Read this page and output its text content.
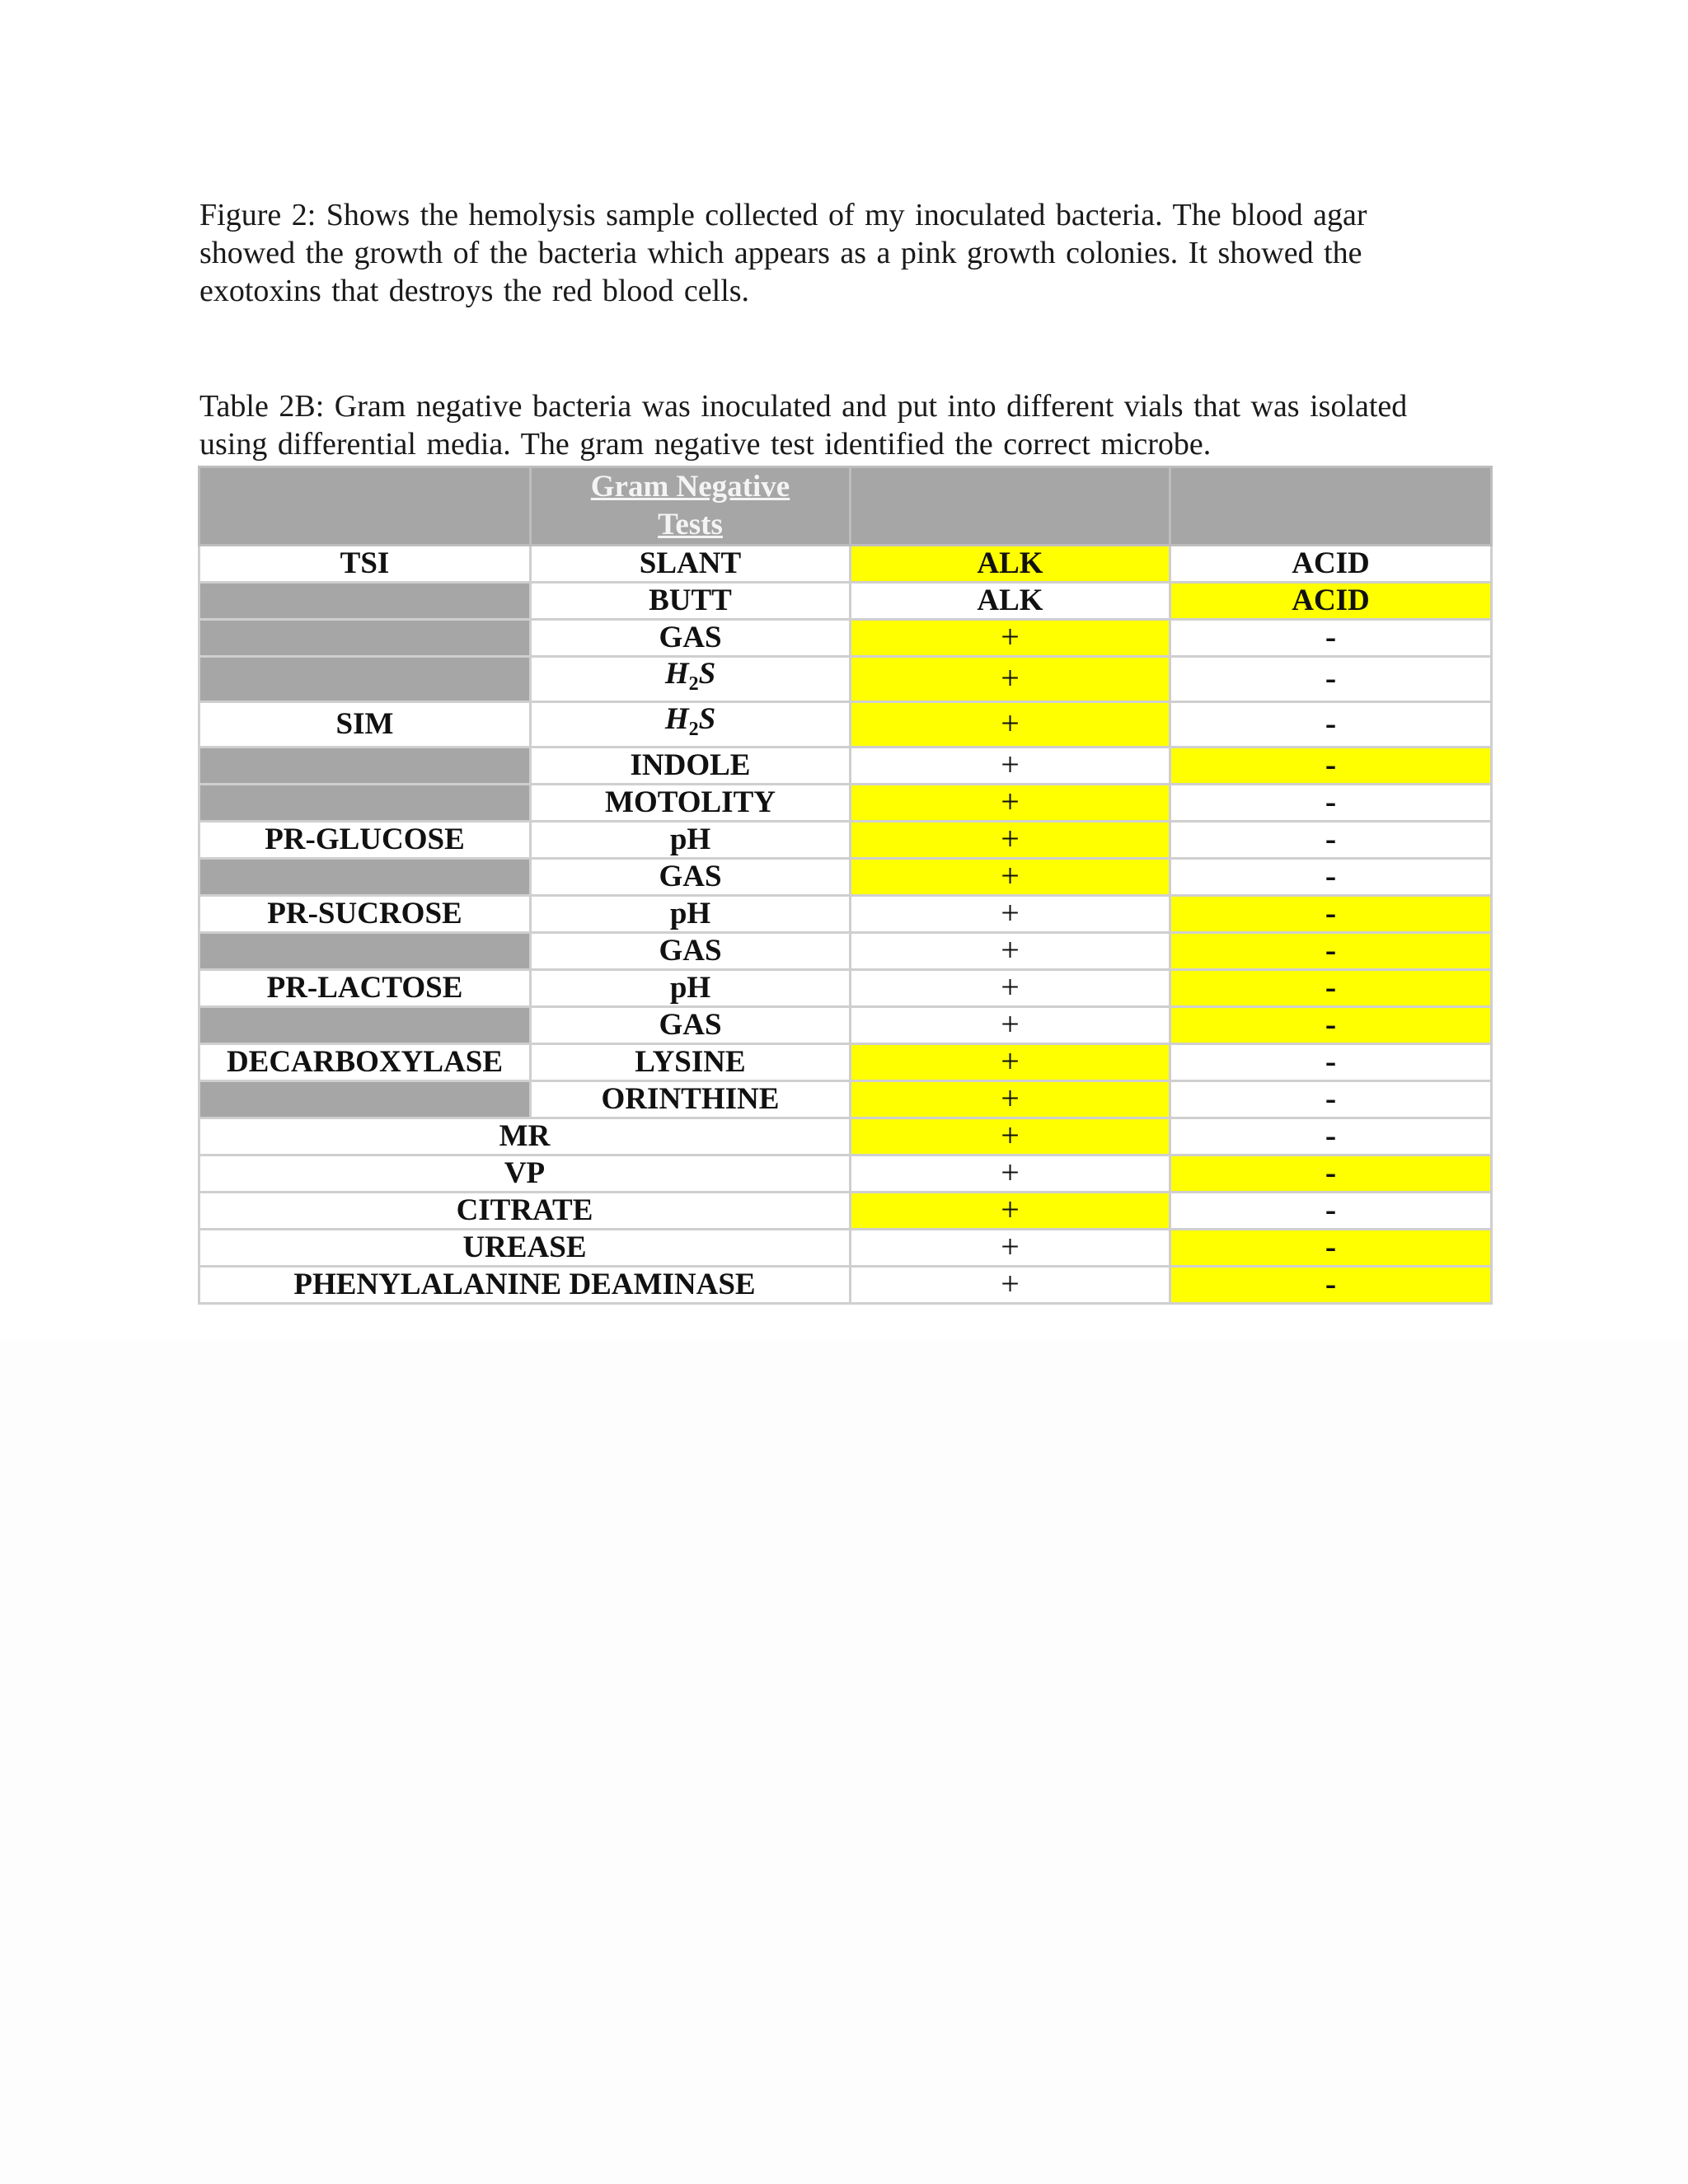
Figure 2: Shows the hemolysis sample collected of my inoculated bacteria. The blood agar
showed the growth of the bacteria which appears as a pink growth colonies. It showed the
exotoxins that destroys the red blood cells.
Table 2B: Gram negative bacteria was inoculated and put into different vials that was isolated
using differential media. The gram negative test identified the correct microbe.
	Gram Negative
Tests		
TSI	SLANT	ALK	ACID
	BUTT	ALK	ACID
	GAS	+	-
	$H_2S$	+	-
SIM	$H_2S$	+	-
	INDOLE	+	-
	MOTOLITY	+	-
PR-GLUCOSE	pH	+	-
	GAS	+	-
PR-SUCROSE	pH	+	-
	GAS	+	-
PR-LACTOSE	pH	+	-
	GAS	+	-
DECARBOXYLASE	LYSINE	+	-
	ORINTHINE	+	-
MR		+	-
VP		+	-
CITRATE		+	-
UREASE		+	-
PHENYLALANINE DEAMINASE		+	-
